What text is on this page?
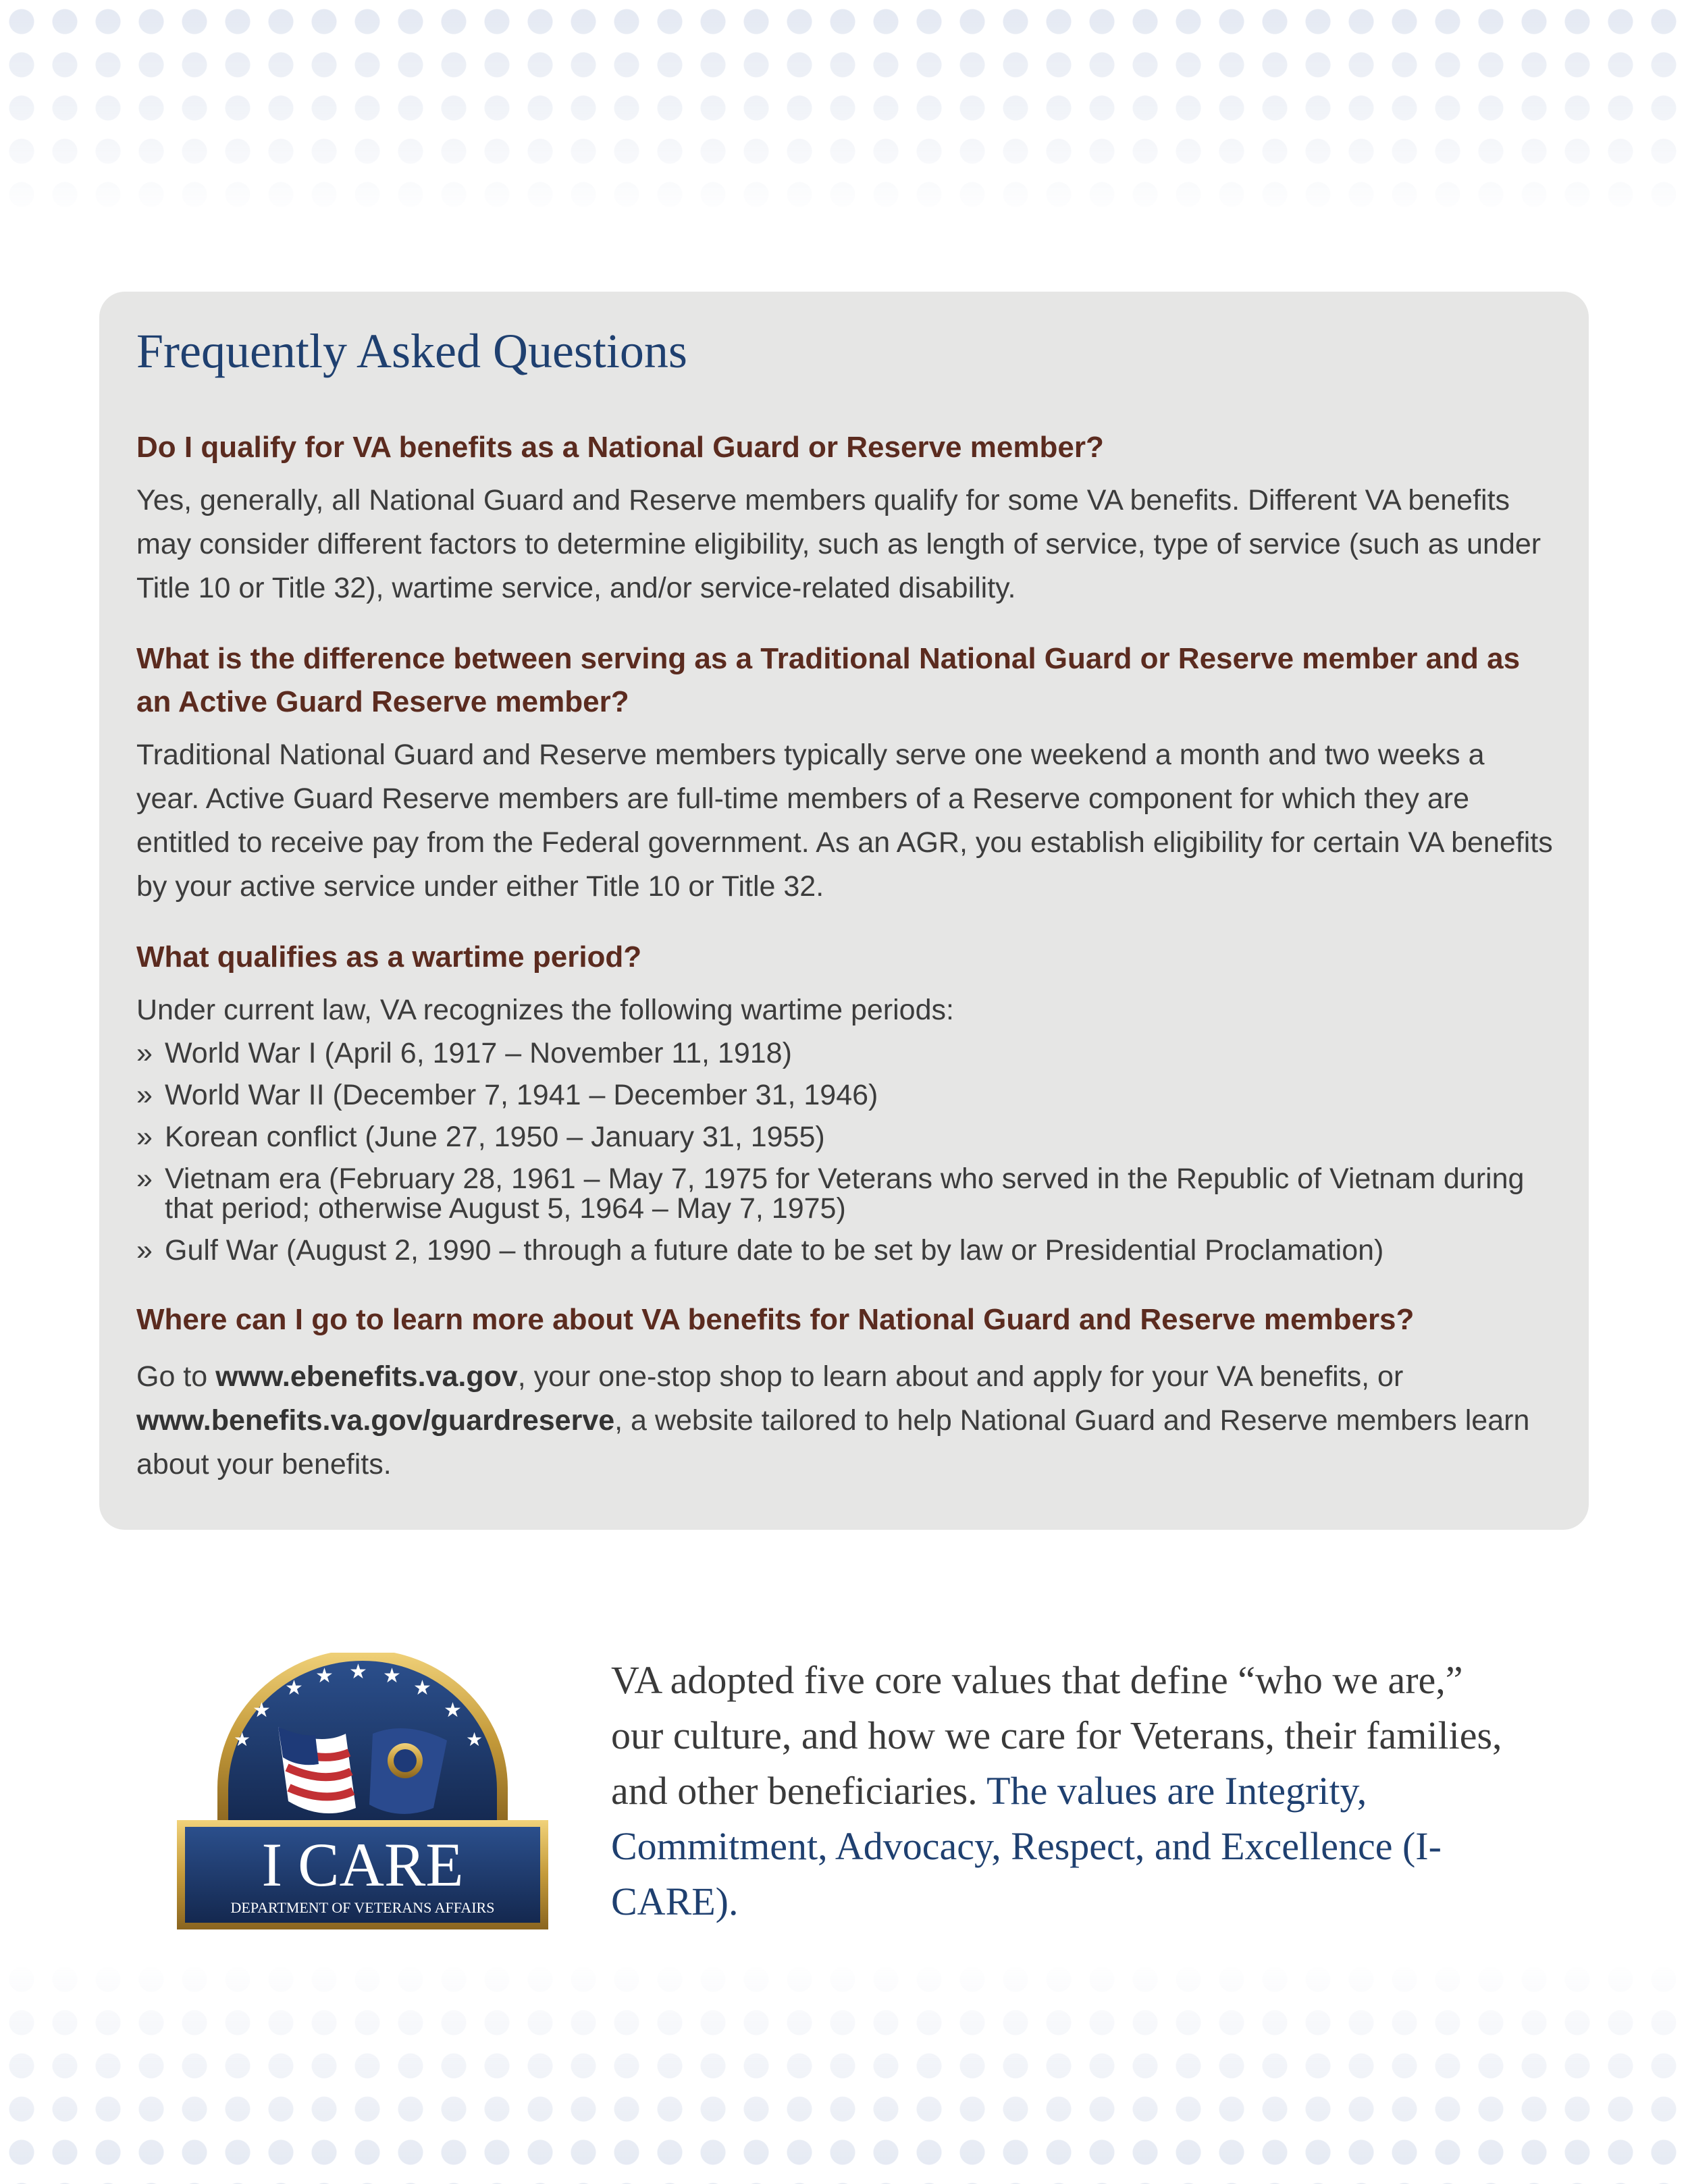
Frequently Asked Questions
Do I qualify for VA benefits as a National Guard or Reserve member?
Yes, generally, all National Guard and Reserve members qualify for some VA benefits. Different VA benefits may consider different factors to determine eligibility, such as length of service, type of service (such as under Title 10 or Title 32), wartime service, and/or service-related disability.
What is the difference between serving as a Traditional National Guard or Reserve member and as an Active Guard Reserve member?
Traditional National Guard and Reserve members typically serve one weekend a month and two weeks a year. Active Guard Reserve members are full-time members of a Reserve component for which they are entitled to receive pay from the Federal government. As an AGR, you establish eligibility for certain VA benefits by your active service under either Title 10 or Title 32.
What qualifies as a wartime period?
Under current law, VA recognizes the following wartime periods:
» World War I (April 6, 1917 – November 11, 1918)
» World War II (December 7, 1941 – December 31, 1946)
» Korean conflict (June 27, 1950 – January 31, 1955)
» Vietnam era (February 28, 1961 – May 7, 1975 for Veterans who served in the Republic of Vietnam during that period; otherwise August 5, 1964 – May 7, 1975)
» Gulf War (August 2, 1990 – through a future date to be set by law or Presidential Proclamation)
Where can I go to learn more about VA benefits for National Guard and Reserve members?
Go to www.ebenefits.va.gov, your one-stop shop to learn about and apply for your VA benefits, or www.benefits.va.gov/guardreserve, a website tailored to help National Guard and Reserve members learn about your benefits.
★
★ ★ ★
★
★	★
★	★
I CARE
DEPARTMENT OF VETERANS AFFAIRS
VA adopted five core values that define “who we are,” our culture, and how we care for Veterans, their families, and other beneficiaries. The values are Integrity, Commitment, Advocacy, Respect, and Excellence (I-CARE).
